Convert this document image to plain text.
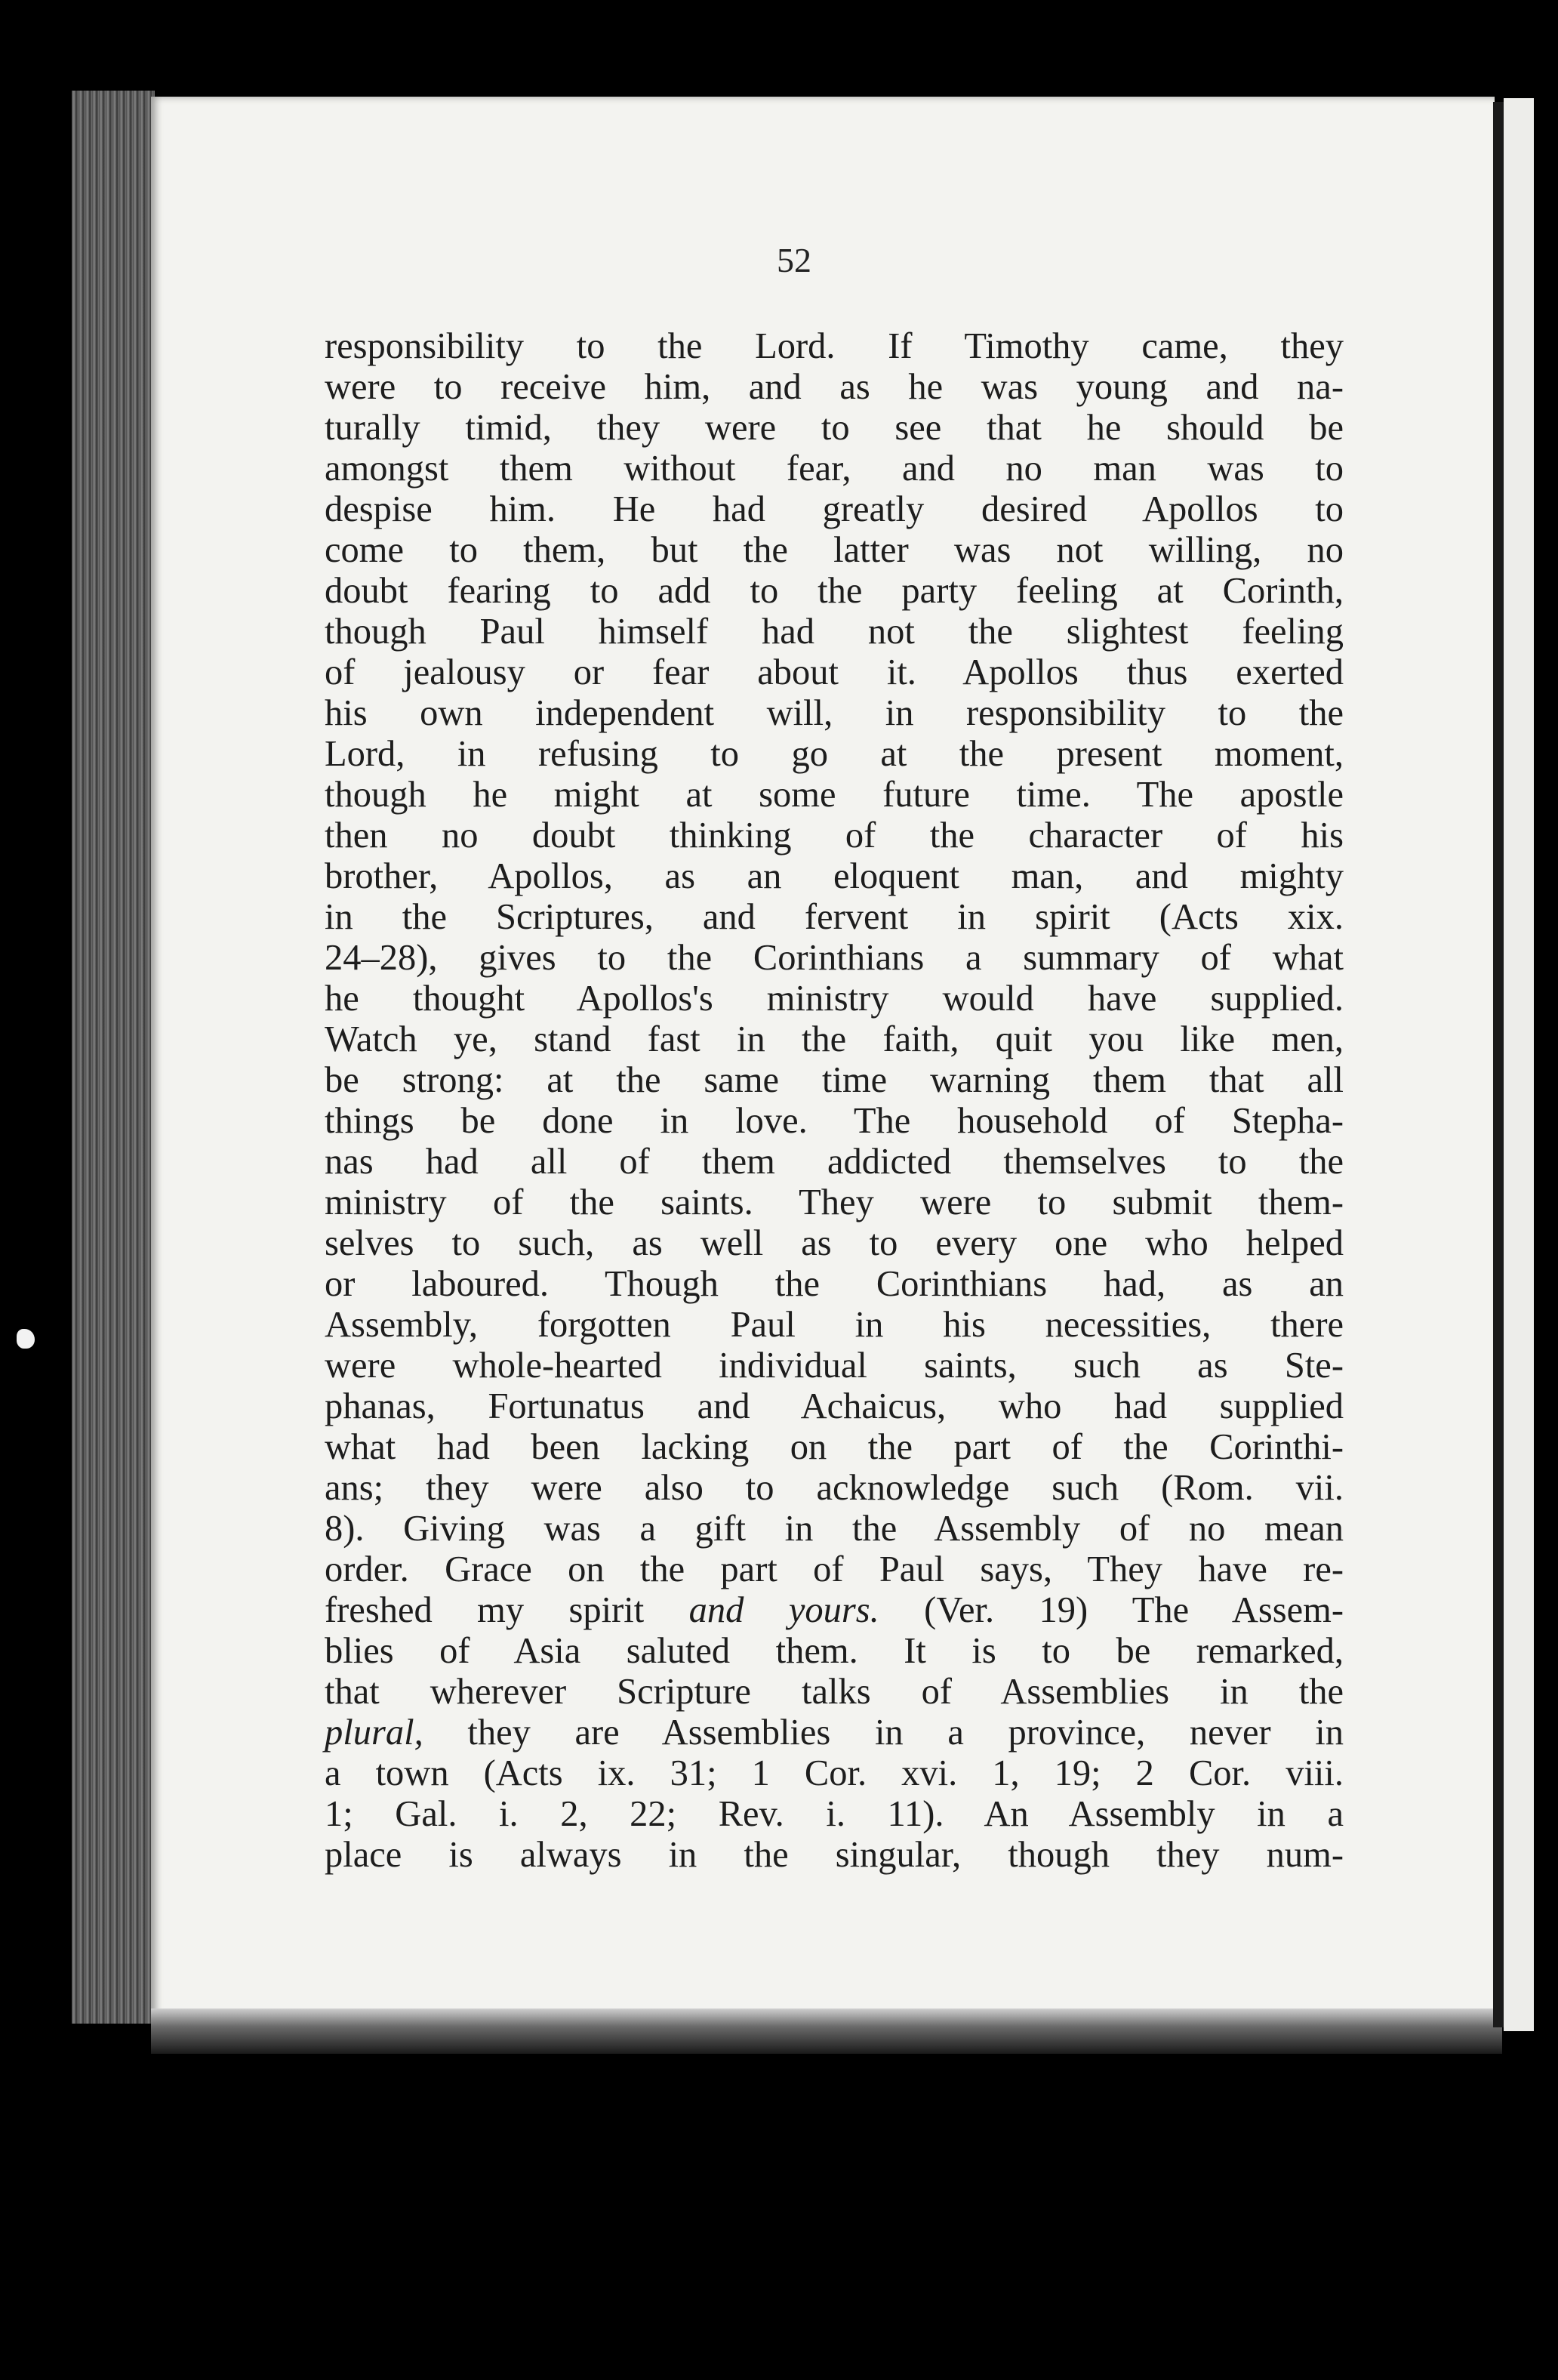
52
responsibility to the Lord. If Timothy came, they
were to receive him, and as he was young and na-
turally timid, they were to see that he should be
amongst them without fear, and no man was to
despise him. He had greatly desired Apollos to
come to them, but the latter was not willing, no
doubt fearing to add to the party feeling at Corinth,
though Paul himself had not the slightest feeling
of jealousy or fear about it. Apollos thus exerted
his own independent will, in responsibility to the
Lord, in refusing to go at the present moment,
though he might at some future time. The apostle
then no doubt thinking of the character of his
brother, Apollos, as an eloquent man, and mighty
in the Scriptures, and fervent in spirit (Acts xix.
24–28), gives to the Corinthians a summary of what
he thought Apollos's ministry would have supplied.
Watch ye, stand fast in the faith, quit you like men,
be strong: at the same time warning them that all
things be done in love. The household of Stepha-
nas had all of them addicted themselves to the
ministry of the saints. They were to submit them-
selves to such, as well as to every one who helped
or laboured. Though the Corinthians had, as an
Assembly, forgotten Paul in his necessities, there
were whole-hearted individual saints, such as Ste-
phanas, Fortunatus and Achaicus, who had supplied
what had been lacking on the part of the Corinthi-
ans; they were also to acknowledge such (Rom. vii.
8). Giving was a gift in the Assembly of no mean
order. Grace on the part of Paul says, They have re-
freshed my spirit and yours. (Ver. 19) The Assem-
blies of Asia saluted them. It is to be remarked,
that wherever Scripture talks of Assemblies in the
plural, they are Assemblies in a province, never in
a town (Acts ix. 31; 1 Cor. xvi. 1, 19; 2 Cor. viii.
1; Gal. i. 2, 22; Rev. i. 11). An Assembly in a
place is always in the singular, though they num-
